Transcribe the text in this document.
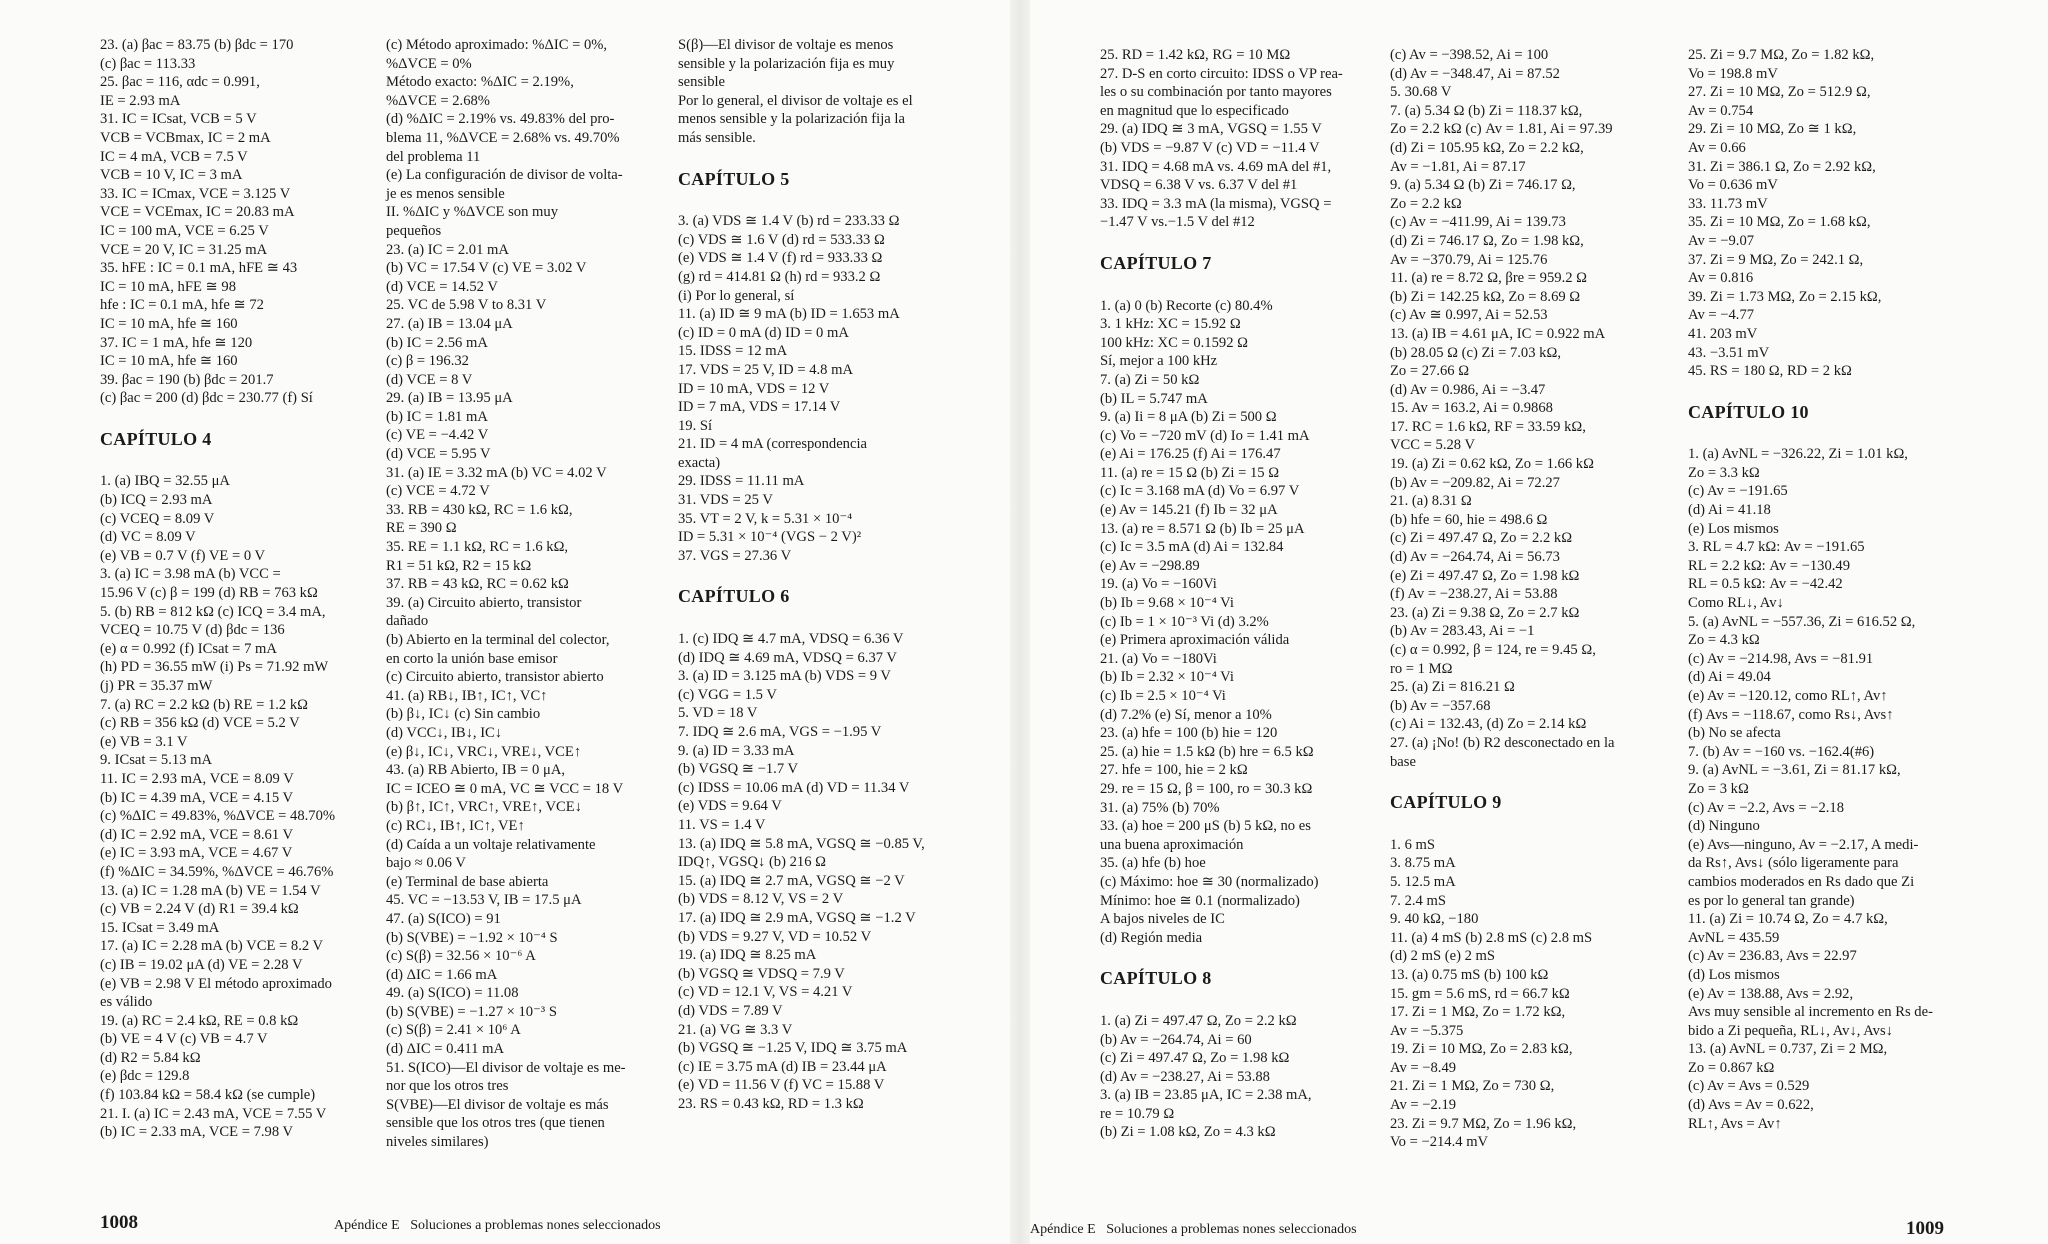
23. (a) βac = 83.75 (b) βdc = 170
(c) βac = 113.33
25. βac = 116, αdc = 0.991,
IE = 2.93 mA
31. IC = ICsat, VCB = 5 V
VCB = VCBmax, IC = 2 mA
IC = 4 mA, VCB = 7.5 V
VCB = 10 V, IC = 3 mA
33. IC = ICmax, VCE = 3.125 V
VCE = VCEmax, IC = 20.83 mA
IC = 100 mA, VCE = 6.25 V
VCE = 20 V, IC = 31.25 mA
35. hFE : IC = 0.1 mA, hFE ≅ 43
IC = 10 mA, hFE ≅ 98
hfe : IC = 0.1 mA, hfe ≅ 72
IC = 10 mA, hfe ≅ 160
37. IC = 1 mA, hfe ≅ 120
IC = 10 mA, hfe ≅ 160
39. βac = 190 (b) βdc = 201.7
(c) βac = 200 (d) βdc = 230.77 (f) Sí
CAPÍTULO 4
1. (a) IBQ = 32.55 μA
(b) ICQ = 2.93 mA
(c) VCEQ = 8.09 V
(d) VC = 8.09 V
(e) VB = 0.7 V (f) VE = 0 V
3. (a) IC = 3.98 mA (b) VCC =
15.96 V (c) β = 199 (d) RB = 763 kΩ
5. (b) RB = 812 kΩ (c) ICQ = 3.4 mA,
VCEQ = 10.75 V (d) βdc = 136
(e) α = 0.992 (f) ICsat = 7 mA
(h) PD = 36.55 mW (i) Ps = 71.92 mW
(j) PR = 35.37 mW
7. (a) RC = 2.2 kΩ (b) RE = 1.2 kΩ
(c) RB = 356 kΩ (d) VCE = 5.2 V
(e) VB = 3.1 V
9. ICsat = 5.13 mA
11. IC = 2.93 mA, VCE = 8.09 V
(b) IC = 4.39 mA, VCE = 4.15 V
(c) %ΔIC = 49.83%, %ΔVCE = 48.70%
(d) IC = 2.92 mA, VCE = 8.61 V
(e) IC = 3.93 mA, VCE = 4.67 V
(f) %ΔIC = 34.59%, %ΔVCE = 46.76%
13. (a) IC = 1.28 mA (b) VE = 1.54 V
(c) VB = 2.24 V (d) R1 = 39.4 kΩ
15. ICsat = 3.49 mA
17. (a) IC = 2.28 mA (b) VCE = 8.2 V
(c) IB = 19.02 μA (d) VE = 2.28 V
(e) VB = 2.98 V El método aproximado
es válido
19. (a) RC = 2.4 kΩ, RE = 0.8 kΩ
(b) VE = 4 V (c) VB = 4.7 V
(d) R2 = 5.84 kΩ
(e) βdc = 129.8
(f) 103.84 kΩ = 58.4 kΩ (se cumple)
21. I. (a) IC = 2.43 mA, VCE = 7.55 V
(b) IC = 2.33 mA, VCE = 7.98 V
(c) Método aproximado: %ΔIC = 0%,
%ΔVCE = 0%
Método exacto: %ΔIC = 2.19%,
%ΔVCE = 2.68%
(d) %ΔIC = 2.19% vs. 49.83% del pro-
blema 11, %ΔVCE = 2.68% vs. 49.70%
del problema 11
(e) La configuración de divisor de volta-
je es menos sensible
II. %ΔIC y %ΔVCE son muy
pequeños
23. (a) IC = 2.01 mA
(b) VC = 17.54 V (c) VE = 3.02 V
(d) VCE = 14.52 V
25. VC de 5.98 V to 8.31 V
27. (a) IB = 13.04 μA
(b) IC = 2.56 mA
(c) β = 196.32
(d) VCE = 8 V
29. (a) IB = 13.95 μA
(b) IC = 1.81 mA
(c) VE = −4.42 V
(d) VCE = 5.95 V
31. (a) IE = 3.32 mA (b) VC = 4.02 V
(c) VCE = 4.72 V
33. RB = 430 kΩ, RC = 1.6 kΩ,
RE = 390 Ω
35. RE = 1.1 kΩ, RC = 1.6 kΩ,
R1 = 51 kΩ, R2 = 15 kΩ
37. RB = 43 kΩ, RC = 0.62 kΩ
39. (a) Circuito abierto, transistor
dañado
(b) Abierto en la terminal del colector,
en corto la unión base emisor
(c) Circuito abierto, transistor abierto
41. (a) RB↓, IB↑, IC↑, VC↑
(b) β↓, IC↓ (c) Sin cambio
(d) VCC↓, IB↓, IC↓
(e) β↓, IC↓, VRC↓, VRE↓, VCE↑
43. (a) RB Abierto, IB = 0 μA,
IC = ICEO ≅ 0 mA, VC ≅ VCC = 18 V
(b) β↑, IC↑, VRC↑, VRE↑, VCE↓
(c) RC↓, IB↑, IC↑, VE↑
(d) Caída a un voltaje relativamente
bajo ≈ 0.06 V
(e) Terminal de base abierta
45. VC = −13.53 V, IB = 17.5 μA
47. (a) S(ICO) = 91
(b) S(VBE) = −1.92 × 10⁻⁴ S
(c) S(β) = 32.56 × 10⁻⁶ A
(d) ΔIC = 1.66 mA
49. (a) S(ICO) = 11.08
(b) S(VBE) = −1.27 × 10⁻³ S
(c) S(β) = 2.41 × 10⁶ A
(d) ΔIC = 0.411 mA
51. S(ICO)—El divisor de voltaje es me-
nor que los otros tres
S(VBE)—El divisor de voltaje es más
sensible que los otros tres (que tienen
niveles similares)
S(β)—El divisor de voltaje es menos
sensible y la polarización fija es muy
sensible
Por lo general, el divisor de voltaje es el
menos sensible y la polarización fija la
más sensible.
CAPÍTULO 5
3. (a) VDS ≅ 1.4 V (b) rd = 233.33 Ω
(c) VDS ≅ 1.6 V (d) rd = 533.33 Ω
(e) VDS ≅ 1.4 V (f) rd = 933.33 Ω
(g) rd = 414.81 Ω (h) rd = 933.2 Ω
(i) Por lo general, sí
11. (a) ID ≅ 9 mA (b) ID = 1.653 mA
(c) ID = 0 mA (d) ID = 0 mA
15. IDSS = 12 mA
17. VDS = 25 V, ID = 4.8 mA
ID = 10 mA, VDS = 12 V
ID = 7 mA, VDS = 17.14 V
19. Sí
21. ID = 4 mA (correspondencia
exacta)
29. IDSS = 11.11 mA
31. VDS = 25 V
35. VT = 2 V, k = 5.31 × 10⁻⁴
ID = 5.31 × 10⁻⁴ (VGS − 2 V)²
37. VGS = 27.36 V
CAPÍTULO 6
1. (c) IDQ ≅ 4.7 mA, VDSQ = 6.36 V
(d) IDQ ≅ 4.69 mA, VDSQ = 6.37 V
3. (a) ID = 3.125 mA (b) VDS = 9 V
(c) VGG = 1.5 V
5. VD = 18 V
7. IDQ ≅ 2.6 mA, VGS = −1.95 V
9. (a) ID = 3.33 mA
(b) VGSQ ≅ −1.7 V
(c) IDSS = 10.06 mA (d) VD = 11.34 V
(e) VDS = 9.64 V
11. VS = 1.4 V
13. (a) IDQ ≅ 5.8 mA, VGSQ ≅ −0.85 V,
IDQ↑, VGSQ↓ (b) 216 Ω
15. (a) IDQ ≅ 2.7 mA, VGSQ ≅ −2 V
(b) VDS = 8.12 V, VS = 2 V
17. (a) IDQ ≅ 2.9 mA, VGSQ ≅ −1.2 V
(b) VDS = 9.27 V, VD = 10.52 V
19. (a) IDQ ≅ 8.25 mA
(b) VGSQ ≅ VDSQ = 7.9 V
(c) VD = 12.1 V, VS = 4.21 V
(d) VDS = 7.89 V
21. (a) VG ≅ 3.3 V
(b) VGSQ ≅ −1.25 V, IDQ ≅ 3.75 mA
(c) IE = 3.75 mA (d) IB = 23.44 μA
(e) VD = 11.56 V (f) VC = 15.88 V
23. RS = 0.43 kΩ, RD = 1.3 kΩ
1008	Apéndice E   Soluciones a problemas nones seleccionados
25. RD = 1.42 kΩ, RG = 10 MΩ
27. D-S en corto circuito: IDSS o VP rea-
les o su combinación por tanto mayores
en magnitud que lo especificado
29. (a) IDQ ≅ 3 mA, VGSQ = 1.55 V
(b) VDS = −9.87 V (c) VD = −11.4 V
31. IDQ = 4.68 mA vs. 4.69 mA del #1,
VDSQ = 6.38 V vs. 6.37 V del #1
33. IDQ = 3.3 mA (la misma), VGSQ =
−1.47 V vs.−1.5 V del #12
CAPÍTULO 7
1. (a) 0 (b) Recorte (c) 80.4%
3. 1 kHz: XC = 15.92 Ω
100 kHz: XC = 0.1592 Ω
Sí, mejor a 100 kHz
7. (a) Zi = 50 kΩ
(b) IL = 5.747 mA
9. (a) Ii = 8 μA (b) Zi = 500 Ω
(c) Vo = −720 mV (d) Io = 1.41 mA
(e) Ai = 176.25 (f) Ai = 176.47
11. (a) re = 15 Ω (b) Zi = 15 Ω
(c) Ic = 3.168 mA (d) Vo = 6.97 V
(e) Av = 145.21 (f) Ib = 32 μA
13. (a) re = 8.571 Ω (b) Ib = 25 μA
(c) Ic = 3.5 mA (d) Ai = 132.84
(e) Av = −298.89
19. (a) Vo = −160Vi
(b) Ib = 9.68 × 10⁻⁴ Vi
(c) Ib = 1 × 10⁻³ Vi (d) 3.2%
(e) Primera aproximación válida
21. (a) Vo = −180Vi
(b) Ib = 2.32 × 10⁻⁴ Vi
(c) Ib = 2.5 × 10⁻⁴ Vi
(d) 7.2% (e) Sí, menor a 10%
23. (a) hfe = 100 (b) hie = 120
25. (a) hie = 1.5 kΩ (b) hre = 6.5 kΩ
27. hfe = 100, hie = 2 kΩ
29. re = 15 Ω, β = 100, ro = 30.3 kΩ
31. (a) 75% (b) 70%
33. (a) hoe = 200 μS (b) 5 kΩ, no es
una buena aproximación
35. (a) hfe (b) hoe
(c) Máximo: hoe ≅ 30 (normalizado)
Mínimo: hoe ≅ 0.1 (normalizado)
A bajos niveles de IC
(d) Región media
CAPÍTULO 8
1. (a) Zi = 497.47 Ω, Zo = 2.2 kΩ
(b) Av = −264.74, Ai = 60
(c) Zi = 497.47 Ω, Zo = 1.98 kΩ
(d) Av = −238.27, Ai = 53.88
3. (a) IB = 23.85 μA, IC = 2.38 mA,
re = 10.79 Ω
(b) Zi = 1.08 kΩ, Zo = 4.3 kΩ
(c) Av = −398.52, Ai = 100
(d) Av = −348.47, Ai = 87.52
5. 30.68 V
7. (a) 5.34 Ω (b) Zi = 118.37 kΩ,
Zo = 2.2 kΩ (c) Av = 1.81, Ai = 97.39
(d) Zi = 105.95 kΩ, Zo = 2.2 kΩ,
Av = −1.81, Ai = 87.17
9. (a) 5.34 Ω (b) Zi = 746.17 Ω,
Zo = 2.2 kΩ
(c) Av = −411.99, Ai = 139.73
(d) Zi = 746.17 Ω, Zo = 1.98 kΩ,
Av = −370.79, Ai = 125.76
11. (a) re = 8.72 Ω, βre = 959.2 Ω
(b) Zi = 142.25 kΩ, Zo = 8.69 Ω
(c) Av ≅ 0.997, Ai = 52.53
13. (a) IB = 4.61 μA, IC = 0.922 mA
(b) 28.05 Ω (c) Zi = 7.03 kΩ,
Zo = 27.66 Ω
(d) Av = 0.986, Ai = −3.47
15. Av = 163.2, Ai = 0.9868
17. RC = 1.6 kΩ, RF = 33.59 kΩ,
VCC = 5.28 V
19. (a) Zi = 0.62 kΩ, Zo = 1.66 kΩ
(b) Av = −209.82, Ai = 72.27
21. (a) 8.31 Ω
(b) hfe = 60, hie = 498.6 Ω
(c) Zi = 497.47 Ω, Zo = 2.2 kΩ
(d) Av = −264.74, Ai = 56.73
(e) Zi = 497.47 Ω, Zo = 1.98 kΩ
(f) Av = −238.27, Ai = 53.88
23. (a) Zi = 9.38 Ω, Zo = 2.7 kΩ
(b) Av = 283.43, Ai = −1
(c) α = 0.992, β = 124, re = 9.45 Ω,
ro = 1 MΩ
25. (a) Zi = 816.21 Ω
(b) Av = −357.68
(c) Ai = 132.43, (d) Zo = 2.14 kΩ
27. (a) ¡No! (b) R2 desconectado en la
base
CAPÍTULO 9
1. 6 mS
3. 8.75 mA
5. 12.5 mA
7. 2.4 mS
9. 40 kΩ, −180
11. (a) 4 mS (b) 2.8 mS (c) 2.8 mS
(d) 2 mS (e) 2 mS
13. (a) 0.75 mS (b) 100 kΩ
15. gm = 5.6 mS, rd = 66.7 kΩ
17. Zi = 1 MΩ, Zo = 1.72 kΩ,
Av = −5.375
19. Zi = 10 MΩ, Zo = 2.83 kΩ,
Av = −8.49
21. Zi = 1 MΩ, Zo = 730 Ω,
Av = −2.19
23. Zi = 9.7 MΩ, Zo = 1.96 kΩ,
Vo = −214.4 mV
25. Zi = 9.7 MΩ, Zo = 1.82 kΩ,
Vo = 198.8 mV
27. Zi = 10 MΩ, Zo = 512.9 Ω,
Av = 0.754
29. Zi = 10 MΩ, Zo ≅ 1 kΩ,
Av = 0.66
31. Zi = 386.1 Ω, Zo = 2.92 kΩ,
Vo = 0.636 mV
33. 11.73 mV
35. Zi = 10 MΩ, Zo = 1.68 kΩ,
Av = −9.07
37. Zi = 9 MΩ, Zo = 242.1 Ω,
Av = 0.816
39. Zi = 1.73 MΩ, Zo = 2.15 kΩ,
Av = −4.77
41. 203 mV
43. −3.51 mV
45. RS = 180 Ω, RD = 2 kΩ
CAPÍTULO 10
1. (a) AvNL = −326.22, Zi = 1.01 kΩ,
Zo = 3.3 kΩ
(c) Av = −191.65
(d) Ai = 41.18
(e) Los mismos
3. RL = 4.7 kΩ: Av = −191.65
RL = 2.2 kΩ: Av = −130.49
RL = 0.5 kΩ: Av = −42.42
Como RL↓, Av↓
5. (a) AvNL = −557.36, Zi = 616.52 Ω,
Zo = 4.3 kΩ
(c) Av = −214.98, Avs = −81.91
(d) Ai = 49.04
(e) Av = −120.12, como RL↑, Av↑
(f) Avs = −118.67, como Rs↓, Avs↑
(b) No se afecta
7. (b) Av = −160 vs. −162.4(#6)
9. (a) AvNL = −3.61, Zi = 81.17 kΩ,
Zo = 3 kΩ
(c) Av = −2.2, Avs = −2.18
(d) Ninguno
(e) Avs—ninguno, Av = −2.17, A medi-
da Rs↑, Avs↓ (sólo ligeramente para
cambios moderados en Rs dado que Zi
es por lo general tan grande)
11. (a) Zi = 10.74 Ω, Zo = 4.7 kΩ,
AvNL = 435.59
(c) Av = 236.83, Avs = 22.97
(d) Los mismos
(e) Av = 138.88, Avs = 2.92,
Avs muy sensible al incremento en Rs de-
bido a Zi pequeña, RL↓, Av↓, Avs↓
13. (a) AvNL = 0.737, Zi = 2 MΩ,
Zo = 0.867 kΩ
(c) Av = Avs = 0.529
(d) Avs = Av = 0.622,
RL↑, Avs = Av↑
Apéndice E   Soluciones a problemas nones seleccionados	1009
